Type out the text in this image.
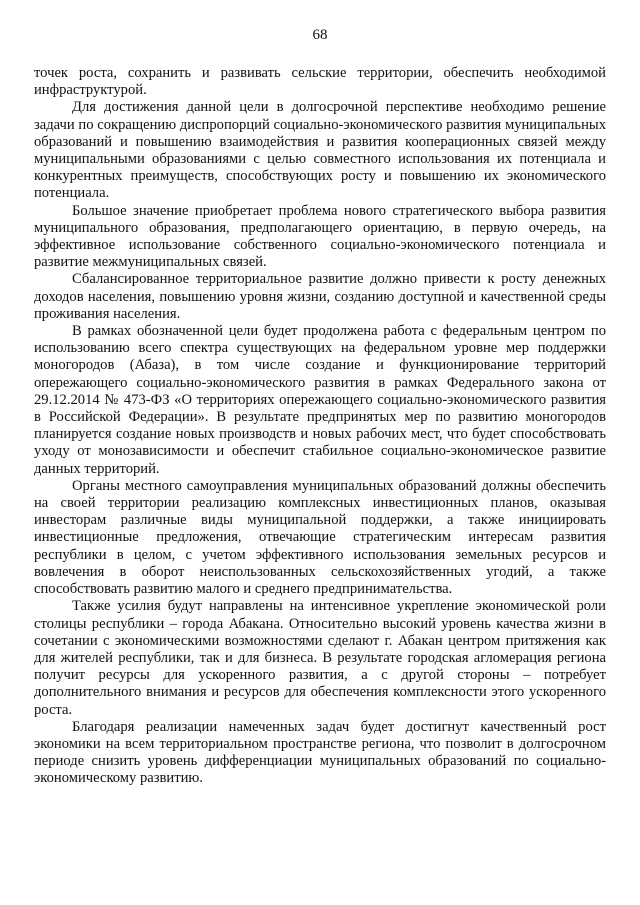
68

точек роста, сохранить и развивать сельские территории, обеспечить необходимой инфраструктурой.

Для достижения данной цели в долгосрочной перспективе необходимо решение задачи по сокращению диспропорций социально-экономического развития муниципальных образований и повышению взаимодействия и развития кооперационных связей между муниципальными образованиями с целью совместного использования их потенциала и конкурентных преимуществ, способствующих росту и повышению их экономического потенциала.

Большое значение приобретает проблема нового стратегического выбора развития муниципального образования, предполагающего ориентацию, в первую очередь, на эффективное использование собственного социально-экономического потенциала и развитие межмуниципальных связей.

Сбалансированное территориальное развитие должно привести к росту денежных доходов населения, повышению уровня жизни, созданию доступной и качественной среды проживания населения.

В рамках обозначенной цели будет продолжена работа с федеральным центром по использованию всего спектра существующих на федеральном уровне мер поддержки моногородов (Абаза), в том числе создание и функционирование территорий опережающего социально-экономического развития в рамках Федерального закона от 29.12.2014 № 473-ФЗ «О территориях опережающего социально-экономического развития в Российской Федерации». В результате предпринятых мер по развитию моногородов планируется создание новых производств и новых рабочих мест, что будет способствовать уходу от монозависимости и обеспечит стабильное социально-экономическое развитие данных территорий.

Органы местного самоуправления муниципальных образований должны обеспечить на своей территории реализацию комплексных инвестиционных планов, оказывая инвесторам различные виды муниципальной поддержки, а также инициировать инвестиционные предложения, отвечающие стратегическим интересам развития республики в целом, с учетом эффективного использования земельных ресурсов и вовлечения в оборот неиспользованных сельскохозяйственных угодий, а также способствовать развитию малого и среднего предпринимательства.

Также усилия будут направлены на интенсивное укрепление экономической роли столицы республики – города Абакана. Относительно высокий уровень качества жизни в сочетании с экономическими возможностями сделают г. Абакан центром притяжения как для жителей республики, так и для бизнеса. В результате городская агломерация региона получит ресурсы для ускоренного развития, а с другой стороны – потребует дополнительного внимания и ресурсов для обеспечения комплексности этого ускоренного роста.

Благодаря реализации намеченных задач будет достигнут качественный рост экономики на всем территориальном пространстве региона, что позволит в долгосрочном периоде снизить уровень дифференциации муниципальных образований по социально-экономическому развитию.
